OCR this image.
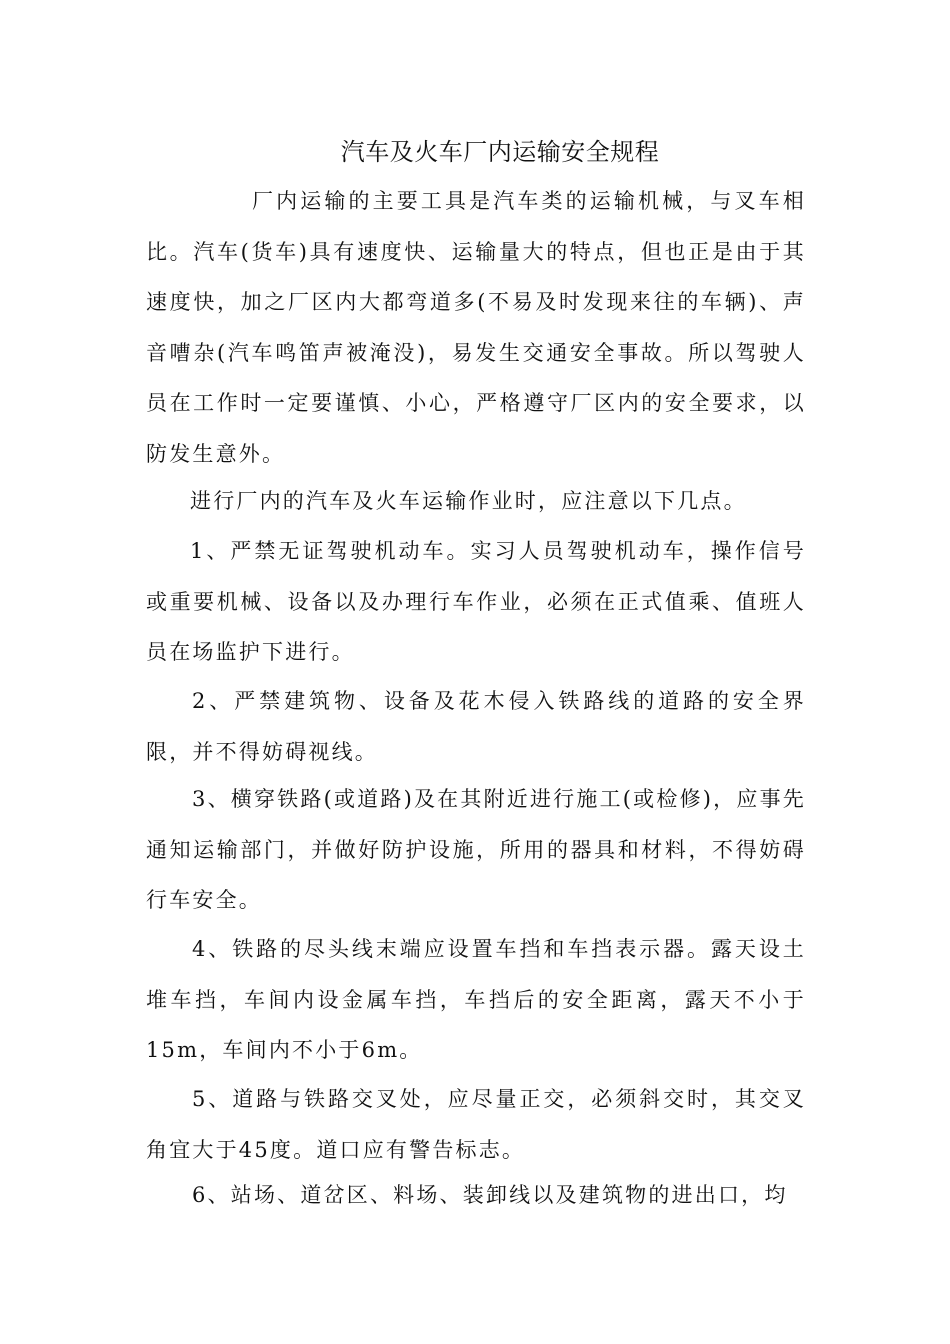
汽车及火车厂内运输安全规程

厂内运输的主要工具是汽车类的运输机械，与叉车相比。汽车(货车)具有速度快、运输量大的特点，但也正是由于其速度快，加之厂区内大都弯道多(不易及时发现来往的车辆)、声音嘈杂(汽车鸣笛声被淹没)，易发生交通安全事故。所以驾驶人员在工作时一定要谨慎、小心，严格遵守厂区内的安全要求，以防发生意外。

进行厂内的汽车及火车运输作业时，应注意以下几点。

1、严禁无证驾驶机动车。实习人员驾驶机动车，操作信号或重要机械、设备以及办理行车作业，必须在正式值乘、值班人员在场监护下进行。

2、严禁建筑物、设备及花木侵入铁路线的道路的安全界限，并不得妨碍视线。

3、横穿铁路(或道路)及在其附近进行施工(或检修)，应事先通知运输部门，并做好防护设施，所用的器具和材料，不得妨碍行车安全。

4、铁路的尽头线末端应设置车挡和车挡表示器。露天设土堆车挡，车间内设金属车挡，车挡后的安全距离，露天不小于15m，车间内不小于6m。

5、道路与铁路交叉处，应尽量正交，必须斜交时，其交叉角宜大于45度。道口应有警告标志。

6、站场、道岔区、料场、装卸线以及建筑物的进出口，均
